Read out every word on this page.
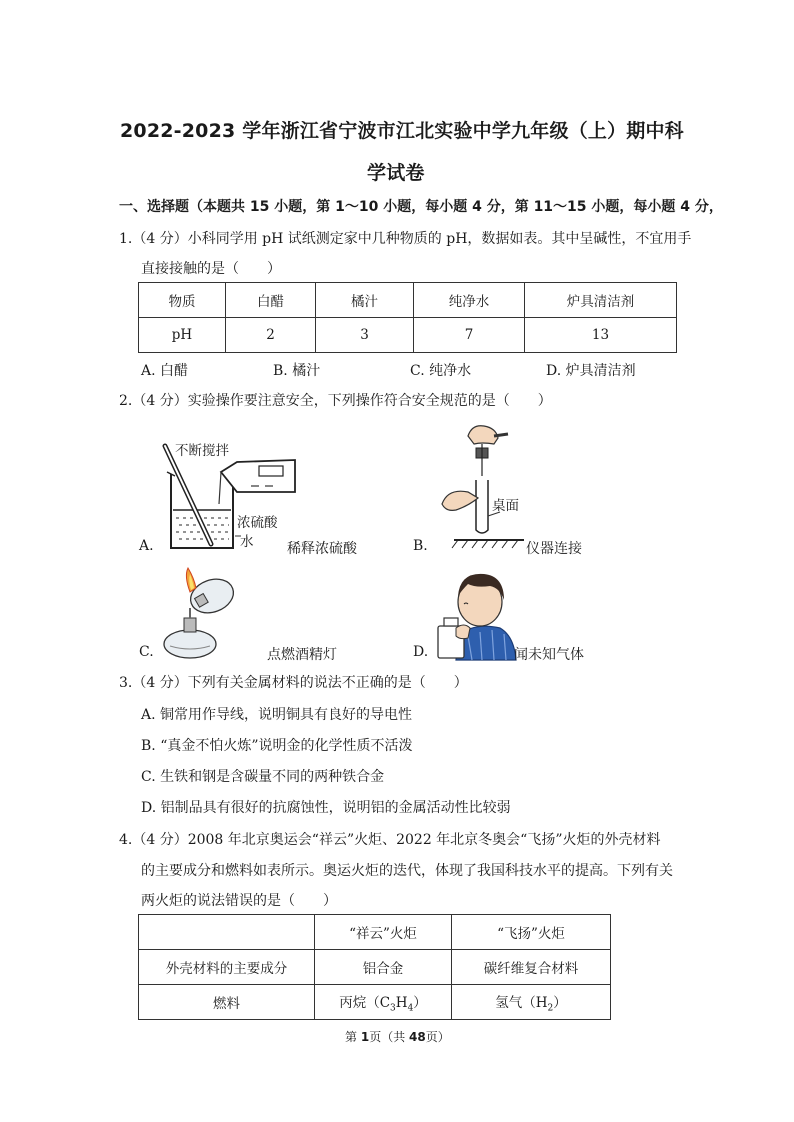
2022-2023 学年浙江省宁波市江北实验中学九年级（上）期中科
学试卷
一、选择题（本题共 15 小题，第 1～10 小题，每小题 4 分，第 11～15 小题，每小题 4 分，
1.（4 分）小科同学用 pH 试纸测定家中几种物质的 pH，数据如表。其中呈碱性，不宜用手
直接接触的是（　　）
物质	白醋	橘汁	纯净水	炉具清洁剂
pH	2	3	7	13
A. 白醋	B. 橘汁	C. 纯净水	D. 炉具清洁剂
2.（4 分）实验操作要注意安全，下列操作符合安全规范的是（　　）
A.
不断搅拌
浓硫酸
水 稀释浓硫酸	B.
桌面
仪器连接
C.	点燃酒精灯	D.	闻未知气体
3.（4 分）下列有关金属材料的说法不正确的是（　　）
A. 铜常用作导线，说明铜具有良好的导电性
B. “真金不怕火炼”说明金的化学性质不活泼
C. 生铁和钢是含碳量不同的两种铁合金
D. 铝制品具有很好的抗腐蚀性，说明铝的金属活动性比较弱
4.（4 分）2008 年北京奥运会“祥云”火炬、2022 年北京冬奥会“飞扬”火炬的外壳材料
的主要成分和燃料如表所示。奥运火炬的迭代，体现了我国科技水平的提高。下列有关
两火炬的说法错误的是（　　）
	“祥云”火炬	“飞扬”火炬
外壳材料的主要成分	铝合金	碳纤维复合材料
燃料	丙烷$(C_3H_4)$	氢气$(H_2)$
第 1页（共 48页）
